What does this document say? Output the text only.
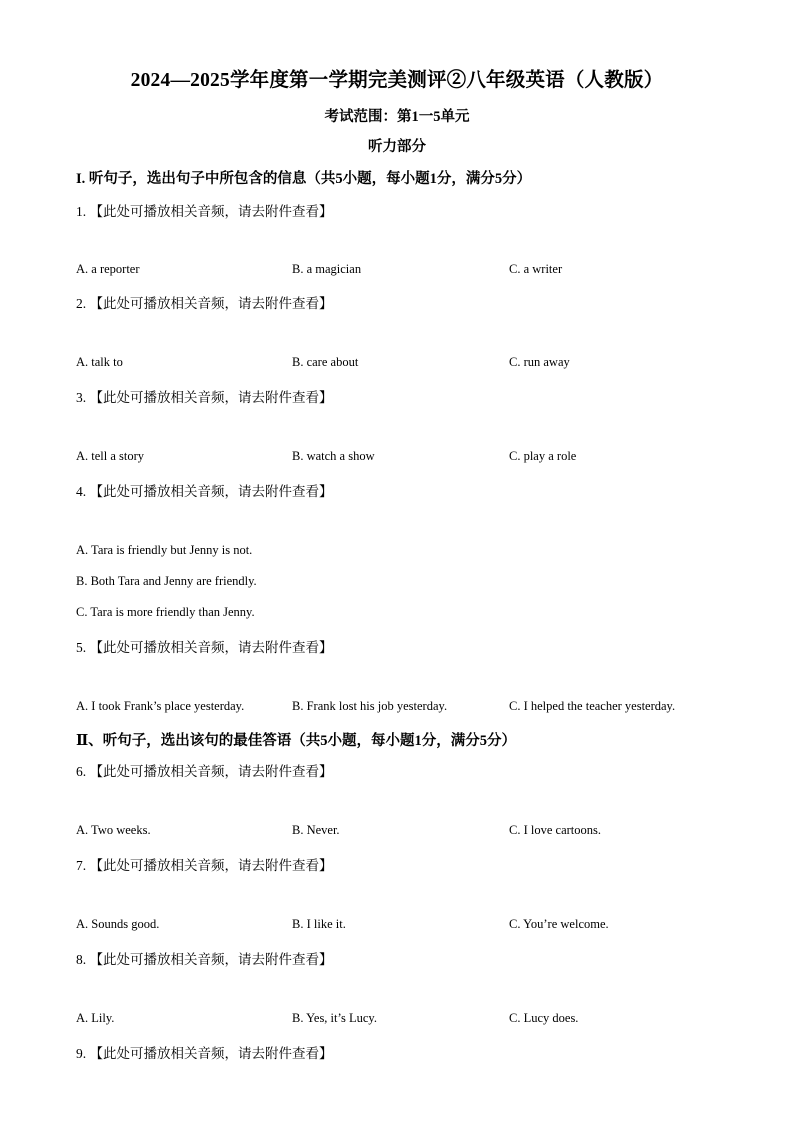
2024—2025学年度第一学期完美测评②八年级英语（人教版）
考试范围：第1一5单元
听力部分
I. 听句子，选出句子中所包含的信息（共5小题，每小题1分，满分5分）
1. 【此处可播放相关音频，请去附件查看】
A. a reporter	B. a magician	C. a writer
2. 【此处可播放相关音频，请去附件查看】
A. talk to	B. care about	C. run away
3. 【此处可播放相关音频，请去附件查看】
A. tell a story	B. watch a show	C. play a role
4. 【此处可播放相关音频，请去附件查看】
A. Tara is friendly but Jenny is not.
B. Both Tara and Jenny are friendly.
C. Tara is more friendly than Jenny.
5. 【此处可播放相关音频，请去附件查看】
A. I took Frank’s place yesterday.	B. Frank lost his job yesterday.	C. I helped the teacher yesterday.
Ⅱ、听句子，选出该句的最佳答语（共5小题，每小题1分，满分5分）
6. 【此处可播放相关音频，请去附件查看】
A. Two weeks.	B. Never.	C. I love cartoons.
7. 【此处可播放相关音频，请去附件查看】
A. Sounds good.	B. I like it.	C. You’re welcome.
8. 【此处可播放相关音频，请去附件查看】
A. Lily.	B. Yes, it’s Lucy.	C. Lucy does.
9. 【此处可播放相关音频，请去附件查看】
